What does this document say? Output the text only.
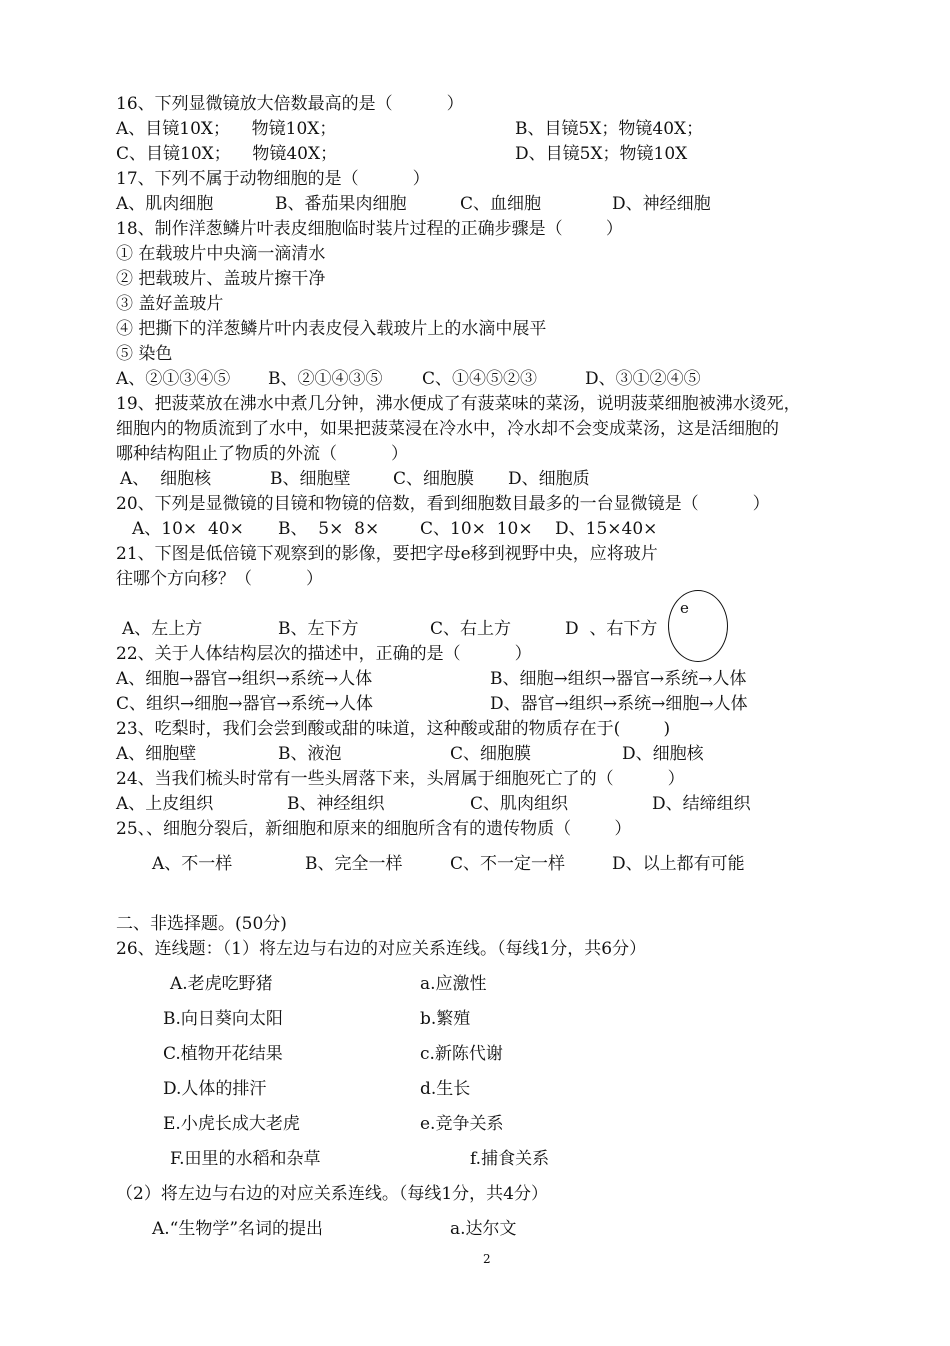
16、下列显微镜放大倍数最高的是（          ）
A、目镜10X；    物镜10X；	B、目镜5X；物镜40X；
C、目镜10X；    物镜40X；	D、目镜5X；物镜10X
17、下列不属于动物细胞的是（          ）
A、肌肉细胞	B、番茄果肉细胞	C、血细胞	D、神经细胞
18、制作洋葱鳞片叶表皮细胞临时装片过程的正确步骤是（        ）
① 在载玻片中央滴一滴清水
② 把载玻片、盖玻片擦干净
③ 盖好盖玻片
④ 把撕下的洋葱鳞片叶内表皮侵入载玻片上的水滴中展平
⑤ 染色
A、②①③④⑤ B、②①④③⑤ C、①④⑤②③	D、③①②④⑤
19、把菠菜放在沸水中煮几分钟，沸水便成了有菠菜味的菜汤，说明菠菜细胞被沸水烫死，
细胞内的物质流到了水中，如果把菠菜浸在冷水中，冷水却不会变成菜汤，这是活细胞的
哪种结构阻止了物质的外流（          ）
A、  细胞核	B、细胞壁	C、细胞膜 D、细胞质
20、下列是显微镜的目镜和物镜的倍数，看到细胞数目最多的一台显微镜是（          ）
A、10×  40× B、  5×  8× C、10×  10× D、15×40×
21、下图是低倍镜下观察到的影像，要把字母e移到视野中央，应将玻片
往哪个方向移？（          ）
A、左上方	B、左下方	C、右上方	D  、右下方
e
22、关于人体结构层次的描述中，正确的是（          ）
A、细胞→器官→组织→系统→人体	B、细胞→组织→器官→系统→人体
C、组织→细胞→器官→系统→人体	D、器官→组织→系统→细胞→人体
23、吃梨时，我们会尝到酸或甜的味道，这种酸或甜的物质存在于(        )
A、细胞壁	B、液泡	C、细胞膜	D、细胞核
24、当我们梳头时常有一些头屑落下来，头屑属于细胞死亡了的（          ）
A、上皮组织	B、神经组织	C、肌肉组织	D、结缔组织
25、、细胞分裂后，新细胞和原来的细胞所含有的遗传物质（        ）
A、不一样	B、完全一样	C、不一定一样	D、以上都有可能
二、非选择题。(50分)
26、连线题：（1）将左边与右边的对应关系连线。（每线1分，共6分）
A.老虎吃野猪	a.应激性
B.向日葵向太阳	b.繁殖
C.植物开花结果	c.新陈代谢
D.人体的排汗	d.生长
E.小虎长成大老虎	e.竞争关系
F.田里的水稻和杂草	f.捕食关系
（2）将左边与右边的对应关系连线。（每线1分，共4分）
A.“生物学”名词的提出	a.达尔文
2
